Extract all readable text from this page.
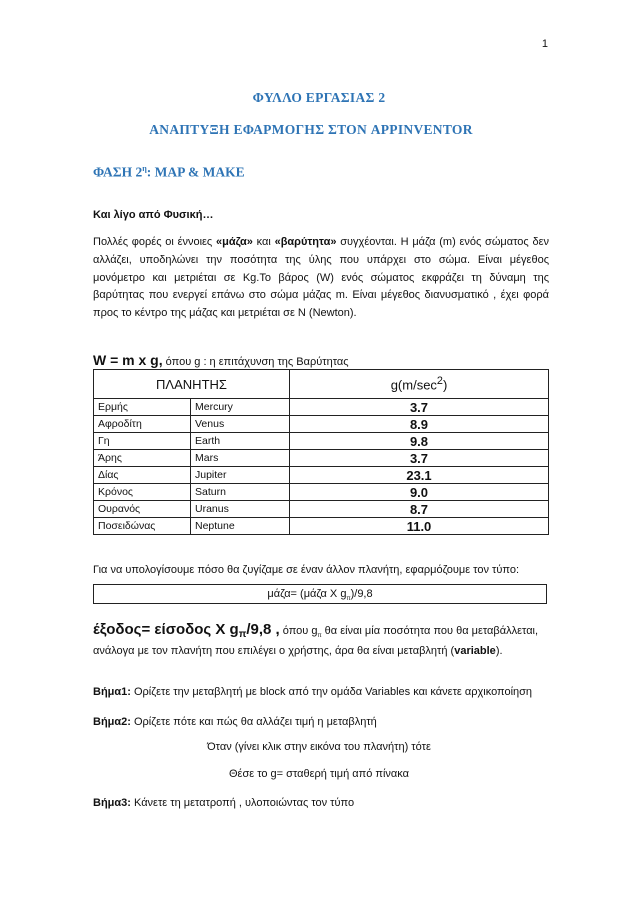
1
ΦΥΛΛΟ ΕΡΓΑΣΙΑΣ 2
ΑΝΑΠΤΥΞΗ ΕΦΑΡΜΟΓΗΣ ΣΤΟΝ APPINVENTOR
ΦΑΣΗ $2^\eta$: MAP & MAKE
Και λίγο από Φυσική…
Πολλές φορές οι έννοιες «μάζα» και «βαρύτητα» συγχέονται. Η μάζα (m) ενός σώματος δεν αλλάζει, υποδηλώνει την ποσότητα της ύλης που υπάρχει στο σώμα. Είναι μέγεθος μονόμετρο και μετριέται σε Kg.Το βάρος (W) ενός σώματος εκφράζει τη δύναμη της βαρύτητας που ενεργεί επάνω στο σώμα μάζας m. Είναι μέγεθος διανυσματικό , έχει φορά προς το κέντρο της μάζας και μετριέται σε Ν (Newton).
W = m x g, όπου g : η επιτάχυνση της Βαρύτητας
ΠΛΑΝΗΤΗΣ		$g(m/\sec^2)$
Ερμής	Mercury	3.7
Αφροδίτη	Venus	8.9
Γη	Earth	9.8
Άρης	Mars	3.7
Δίας	Jupiter	23.1
Κρόνος	Saturn	9.0
Ουρανός	Uranus	8.7
Ποσειδώνας	Neptune	11.0
Για να υπολογίσουμε πόσο θα ζυγίζαμε σε έναν άλλον πλανήτη, εφαρμόζουμε τον τύπο:
μάζα= (μάζα X $g_\pi)/9,8$
έξοδος= είσοδος X $g_\pi/9,8$ , όπου $g_\pi$ θα είναι μία ποσότητα που θα μεταβάλλεται, ανάλογα με τον πλανήτη που επιλέγει ο χρήστης, άρα θα είναι μεταβλητή (variable).
Βήμα1: Ορίζετε την μεταβλητή με block από την ομάδα Variables και κάνετε αρχικοποίηση
Βήμα2: Ορίζετε πότε και πώς θα αλλάζει τιμή η μεταβλητή
Όταν (γίνει κλικ στην εικόνα του πλανήτη) τότε
Θέσε το g= σταθερή τιμή από πίνακα
Βήμα3: Κάνετε τη μετατροπή , υλοποιώντας τον τύπο
